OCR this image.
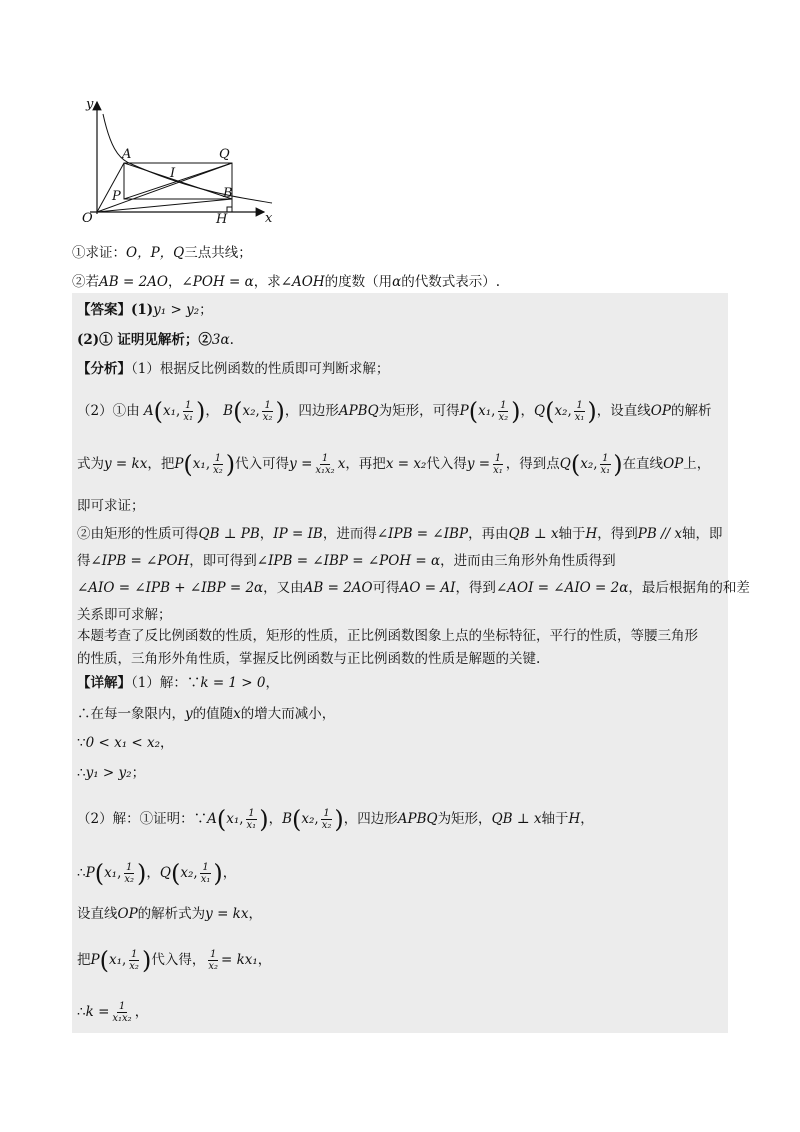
y
x
O
A	Q
I
P	B
H
①求证：O，P，Q三点共线；
②若AB = 2AO，∠POH = α，求∠AOH的度数（用α的代数式表示）.
【答案】(1)y₁ > y₂；
(2)① 证明见解析；②3α.
【分析】（1）根据反比例函数的性质即可判断求解；
（2）①由 A(x₁, $\frac{1}{\text{x₁}}$ )， B(x₂, $\frac{1}{\text{x₂}}$ )，四边形APBQ为矩形，可得P(x₁, $\frac{1}{\text{x₂}}$ )，Q(x₂, $\frac{1}{\text{x₁}}$ )，设直线OP的解析
式为y = kx，把P(x₁, $\frac{1}{\text{x₂}}$ )代入可得$y = \frac{1}{\text{x₁x₂}}$ x，再把x = x₂代入得$y = \frac{1}{\text{x₁}}$ ，得到点Q(x₂, $\frac{1}{\text{x₁}}$ )在直线OP上，
即可求证；
②由矩形的性质可得QB ⊥ PB，IP = IB，进而得∠IPB = ∠IBP，再由QB ⊥ x轴于H，得到PB // x轴，即
得∠IPB = ∠POH，即可得到∠IPB = ∠IBP = ∠POH = α，进而由三角形外角性质得到
∠AIO = ∠IPB + ∠IBP = 2α，又由AB = 2AO可得AO = AI，得到∠AOI = ∠AIO = 2α，最后根据角的和差
关系即可求解；
本题考查了反比例函数的性质，矩形的性质，正比例函数图象上点的坐标特征，平行的性质，等腰三角形
的性质，三角形外角性质，掌握反比例函数与正比例函数的性质是解题的关键.
【详解】（1）解：∵k = 1 > 0，
∴在每一象限内，y的值随x的增大而减小，
∵0 < x₁ < x₂，
∴y₁ > y₂；
（2）解：①证明：∵A(x₁, $\frac{1}{\text{x₁}}$ )，B(x₂, $\frac{1}{\text{x₂}}$ )，四边形APBQ为矩形，QB ⊥ x轴于H，
∴P(x₁, $\frac{1}{\text{x₂}}$ )，Q(x₂, $\frac{1}{\text{x₁}}$ )，
设直线OP的解析式为y = kx，
把P(x₁, $\frac{1}{\text{x₂}}$ )代入得， $\frac{1}{\text{x₂}} = kx_1$，
∴k = $\frac{1}{\text{x₁x₂}}$ ，
